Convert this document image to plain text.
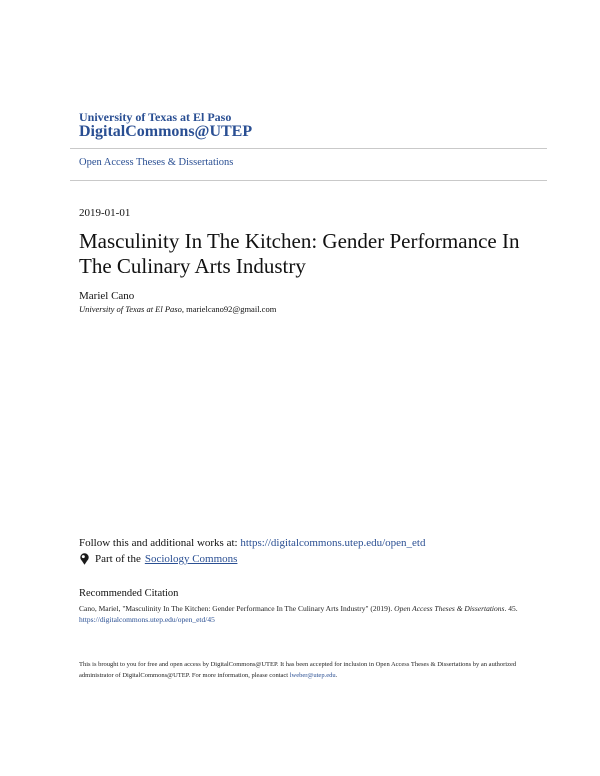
University of Texas at El Paso
DigitalCommons@UTEP
Open Access Theses & Dissertations
2019-01-01
Masculinity In The Kitchen: Gender Performance In The Culinary Arts Industry
Mariel Cano
University of Texas at El Paso, marielcano92@gmail.com
Follow this and additional works at: https://digitalcommons.utep.edu/open_etd
Part of the Sociology Commons
Recommended Citation
Cano, Mariel, "Masculinity In The Kitchen: Gender Performance In The Culinary Arts Industry" (2019). Open Access Theses & Dissertations. 45.
https://digitalcommons.utep.edu/open_etd/45
This is brought to you for free and open access by DigitalCommons@UTEP. It has been accepted for inclusion in Open Access Theses & Dissertations by an authorized administrator of DigitalCommons@UTEP. For more information, please contact lweber@utep.edu.
